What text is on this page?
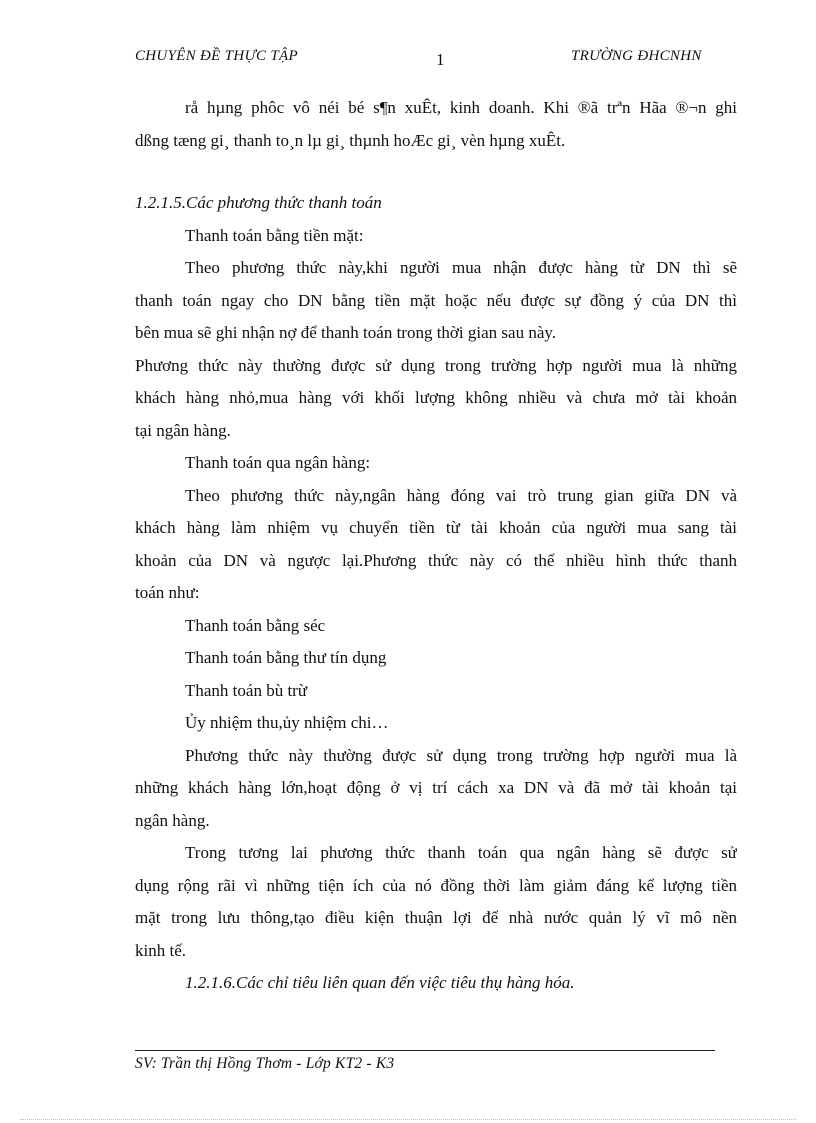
CHUYÊN ĐỀ THỰC TẬP	1	TRƯỜNG ĐHCNHN
rå hµng phôc vô néi bé s¶n xuÊt, kinh doanh. Khi ®ã trªn Hãa ®¬n ghi
dßng tæng gi¸ thanh to¸n lµ gi¸ thµnh hoÆc gi¸ vèn hµng xuÊt.
1.2.1.5.Các phương thức thanh toán
Thanh toán bằng tiền mặt:
Theo phương thức này,khi người mua nhận được hàng từ DN thì sẽ
thanh toán ngay cho DN bằng tiền mặt hoặc nếu được sự đồng ý của DN thì
bên mua sẽ ghi nhận nợ để thanh toán trong thời gian sau này.
Phương thức này thường được sử dụng trong trường hợp người mua là những
khách hàng nhỏ,mua hàng với khối lượng không nhiều và chưa mở tài khoản
tại ngân hàng.
Thanh toán qua ngân hàng:
Theo phương thức này,ngân hàng đóng vai trò trung gian giữa DN và
khách hàng làm nhiệm vụ chuyển tiền từ tài khoản của người mua sang tài
khoản của DN và ngược lại.Phương thức này có thể nhiều hình thức thanh
toán như:
Thanh toán bằng séc
Thanh toán bằng thư tín dụng
Thanh toán bù trừ
Ủy nhiệm thu,ủy nhiệm chi…
Phương thức này thường được sử dụng trong trường hợp người mua là
những khách hàng lớn,hoạt động ở vị trí cách xa DN và đã mở tài khoản tại
ngân hàng.
Trong tương lai phương thức thanh toán qua ngân hàng sẽ được sử
dụng rộng rãi vì những tiện ích của nó đồng thời làm giảm đáng kể lượng tiền
mặt trong lưu thông,tạo điều kiện thuận lợi để nhà nước quản lý vĩ mô nền
kinh tế.
1.2.1.6.Các chỉ tiêu liên quan đến việc tiêu thụ hàng hóa.
SV: Trần thị Hồng Thơm - Lớp KT2 - K3
